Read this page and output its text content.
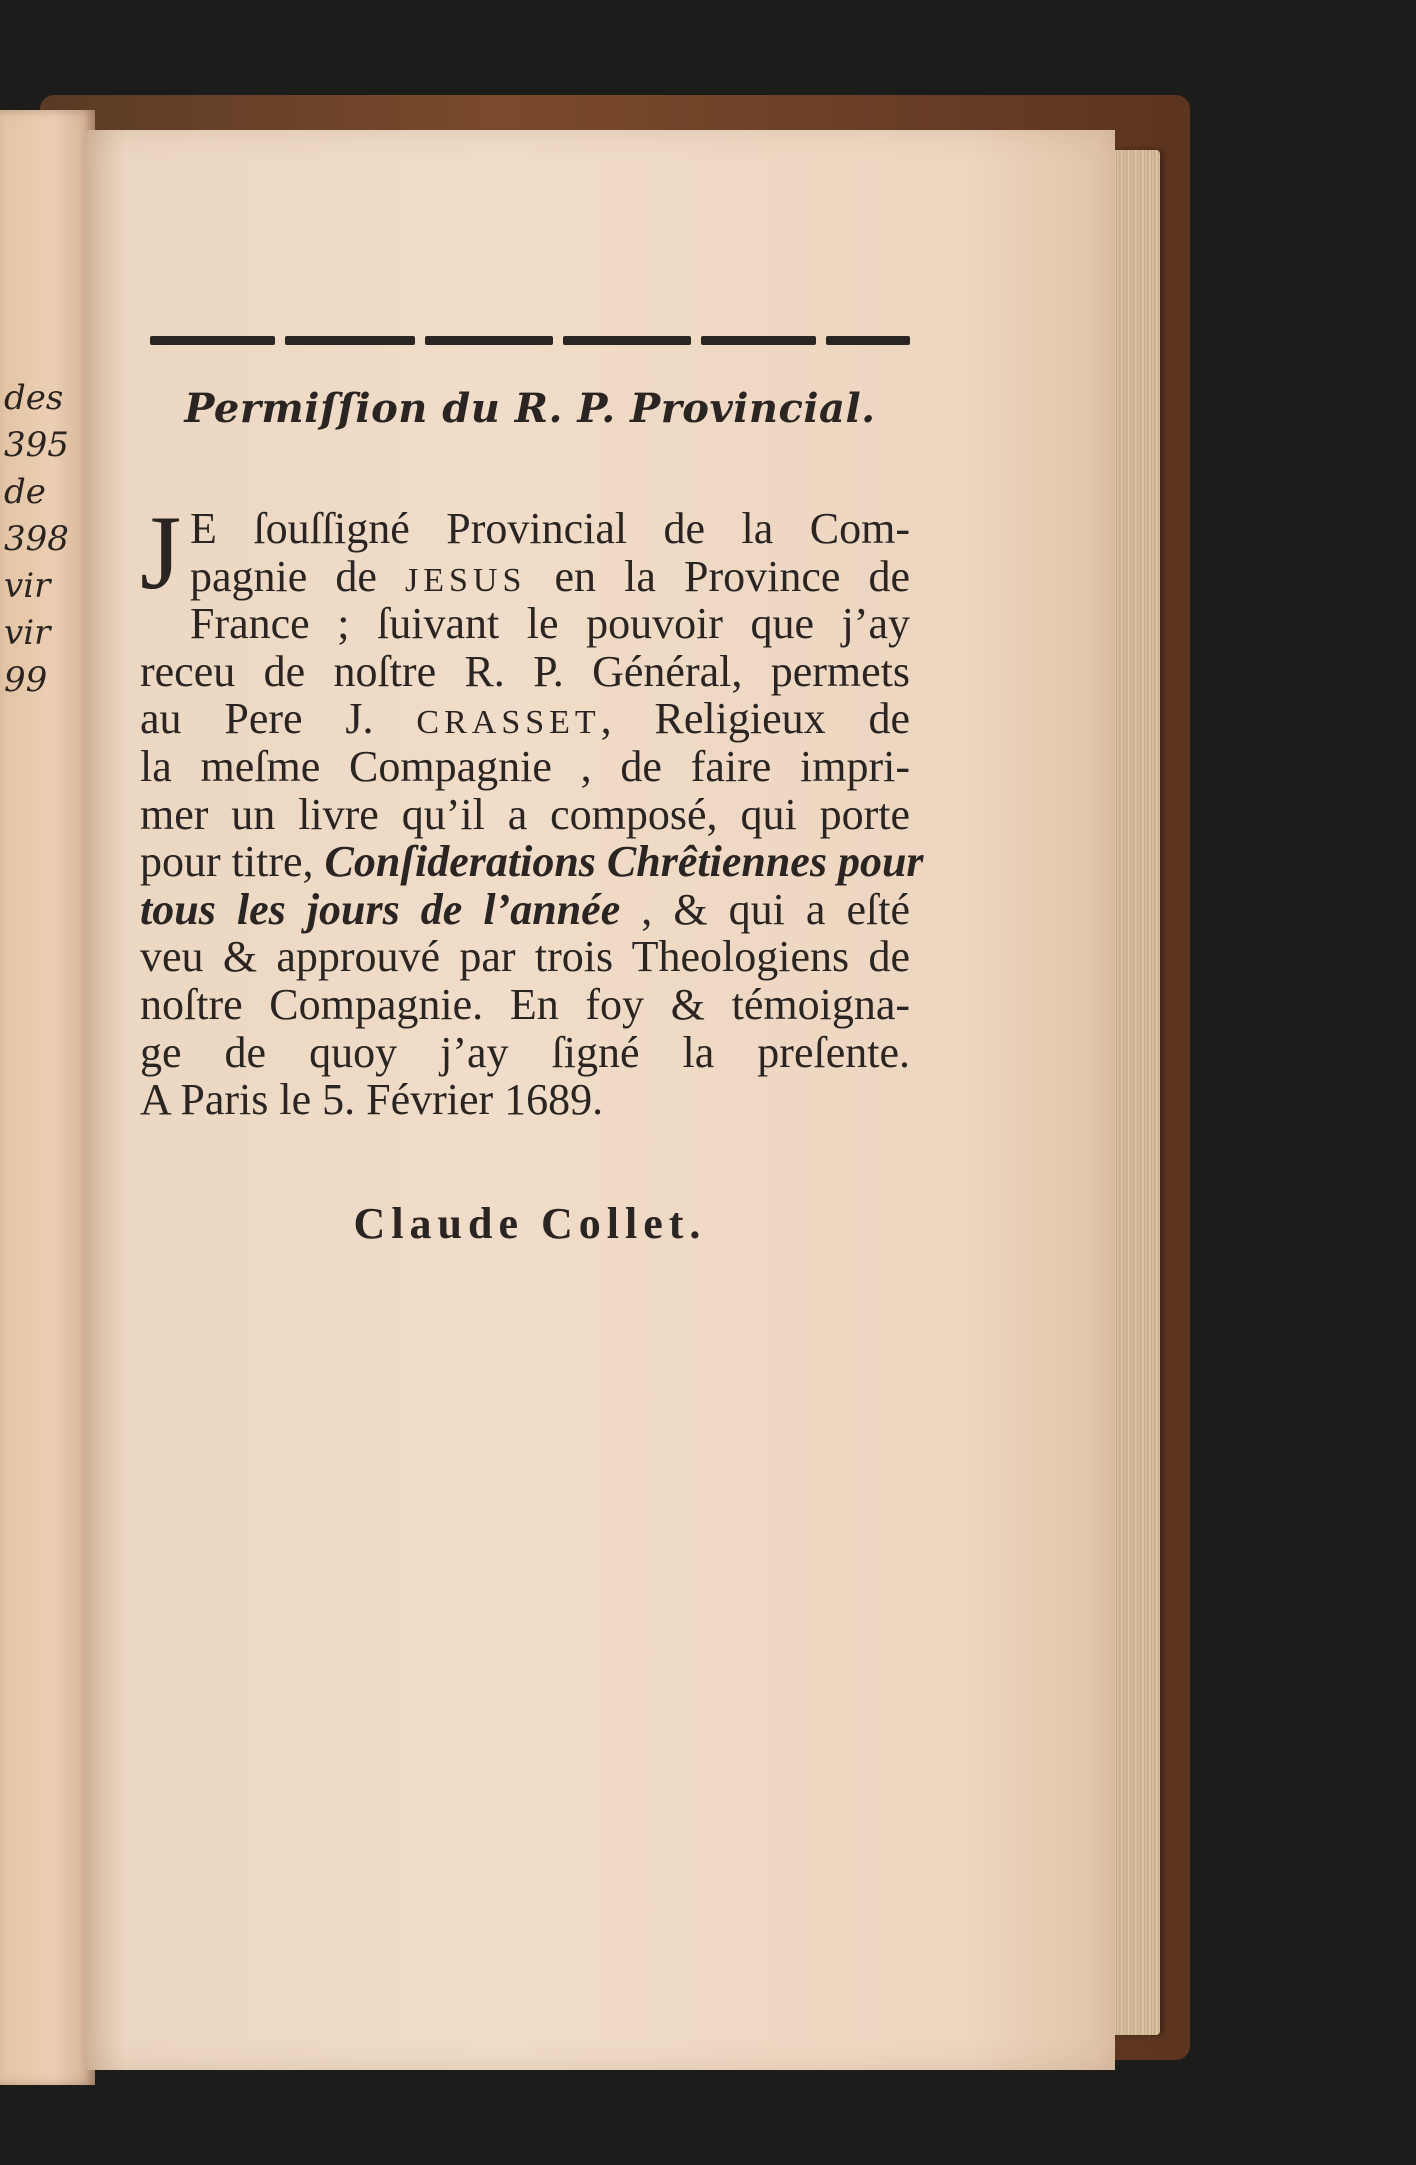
des
395
de
398
vir
vir
99
Permiſſion du R. P. Provincial.
J E ſouſſigné Provincial de la Com-
pagnie de JESUS en la Province de
France ; ſuivant le pouvoir que j’ay
receu de noſtre R. P. Général, permets
au Pere J. CRASSET, Religieux de
la meſme Compagnie , de faire impri-
mer un livre qu’il a composé, qui porte
pour titre, Conſiderations Chrêtiennes pour
tous les jours de l’année , & qui a eſté
veu & approuvé par trois Theologiens de
noſtre Compagnie. En foy & témoigna-
ge de quoy j’ay ſigné la preſente.
A Paris le 5. Février 1689.
Claude Collet.
